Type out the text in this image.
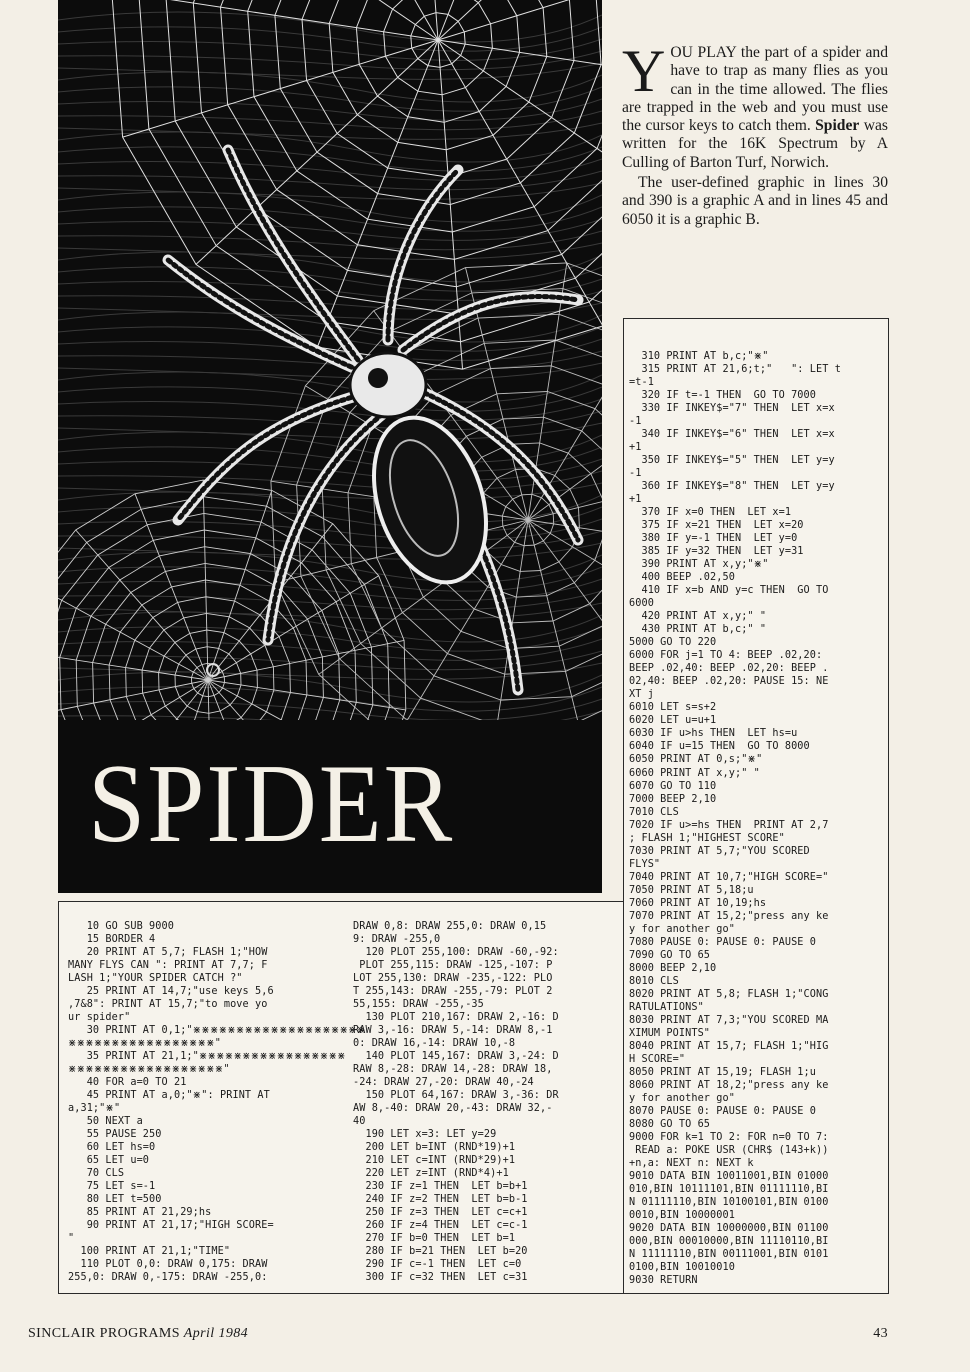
SPIDER

YOU PLAY the part of a spider and have to trap as many flies as you can in the time allowed. The flies are trapped in the web and you must use the cursor keys to catch them. Spider was written for the 16K Spectrum by A Culling of Barton Turf, Norwich.

The user-defined graphic in lines 30 and 390 is a graphic A and in lines 45 and 6050 it is a graphic B.

10 GO SUB 9000
15 BORDER 4
20 PRINT AT 5,7; FLASH 1;"HOW
MANY FLYS CAN ": PRINT AT 7,7; F
LASH 1;"YOUR SPIDER CATCH ?"
25 PRINT AT 14,7;"use keys 5,6
,7&8": PRINT AT 15,7;"to move yo
ur spider"
30 PRINT AT 0,1;"⋇⋇⋇⋇⋇⋇⋇⋇⋇⋇⋇⋇⋇⋇⋇⋇⋇⋇⋇⋇
⋇⋇⋇⋇⋇⋇⋇⋇⋇⋇⋇⋇⋇⋇⋇⋇⋇"
35 PRINT AT 21,1;"⋇⋇⋇⋇⋇⋇⋇⋇⋇⋇⋇⋇⋇⋇⋇⋇⋇
⋇⋇⋇⋇⋇⋇⋇⋇⋇⋇⋇⋇⋇⋇⋇⋇⋇⋇"
40 FOR a=0 TO 21
45 PRINT AT a,0;"⋇": PRINT AT
a,31;"⋇"
50 NEXT a
55 PAUSE 250
60 LET hs=0
65 LET u=0
70 CLS
75 LET s=-1
80 LET t=500
85 PRINT AT 21,29;hs
90 PRINT AT 21,17;"HIGH SCORE=
"
100 PRINT AT 21,1;"TIME"
110 PLOT 0,0: DRAW 0,175: DRAW
255,0: DRAW 0,-175: DRAW -255,0:
DRAW 0,8: DRAW 255,0: DRAW 0,15
9: DRAW -255,0
120 PLOT 255,100: DRAW -60,-92:
PLOT 255,115: DRAW -125,-107: P
LOT 255,130: DRAW -235,-122: PLO
T 255,143: DRAW -255,-79: PLOT 2
55,155: DRAW -255,-35
130 PLOT 210,167: DRAW 2,-16: D
RAW 3,-16: DRAW 5,-14: DRAW 8,-1
0: DRAW 16,-14: DRAW 10,-8
140 PLOT 145,167: DRAW 3,-24: D
RAW 8,-28: DRAW 14,-28: DRAW 18,
-24: DRAW 27,-20: DRAW 40,-24
150 PLOT 64,167: DRAW 3,-36: DR
AW 8,-40: DRAW 20,-43: DRAW 32,-
40
190 LET x=3: LET y=29
200 LET b=INT (RND*19)+1
210 LET c=INT (RND*29)+1
220 LET z=INT (RND*4)+1
230 IF z=1 THEN  LET b=b+1
240 IF z=2 THEN  LET b=b-1
250 IF z=3 THEN  LET c=c+1
260 IF z=4 THEN  LET c=c-1
270 IF b=0 THEN  LET b=1
280 IF b=21 THEN  LET b=20
290 IF c=-1 THEN  LET c=0
300 IF c=32 THEN  LET c=31
310 PRINT AT b,c;"⋇"
315 PRINT AT 21,6;t;"   ": LET t
=t-1
320 IF t=-1 THEN  GO TO 7000
330 IF INKEY$="7" THEN  LET x=x
-1
340 IF INKEY$="6" THEN  LET x=x
+1
350 IF INKEY$="5" THEN  LET y=y
-1
360 IF INKEY$="8" THEN  LET y=y
+1
370 IF x=0 THEN  LET x=1
375 IF x=21 THEN  LET x=20
380 IF y=-1 THEN  LET y=0
385 IF y=32 THEN  LET y=31
390 PRINT AT x,y;"⋇"
400 BEEP .02,50
410 IF x=b AND y=c THEN  GO TO
6000
420 PRINT AT x,y;" "
430 PRINT AT b,c;" "
5000 GO TO 220
6000 FOR j=1 TO 4: BEEP .02,20:
BEEP .02,40: BEEP .02,20: BEEP .
02,40: BEEP .02,20: PAUSE 15: NE
XT j
6010 LET s=s+2
6020 LET u=u+1
6030 IF u>hs THEN  LET hs=u
6040 IF u=15 THEN  GO TO 8000
6050 PRINT AT 0,s;"⋇"
6060 PRINT AT x,y;" "
6070 GO TO 110
7000 BEEP 2,10
7010 CLS
7020 IF u>=hs THEN  PRINT AT 2,7
; FLASH 1;"HIGHEST SCORE"
7030 PRINT AT 5,7;"YOU SCORED
FLYS"
7040 PRINT AT 10,7;"HIGH SCORE="
7050 PRINT AT 5,18;u
7060 PRINT AT 10,19;hs
7070 PRINT AT 15,2;"press any ke
y for another go"
7080 PAUSE 0: PAUSE 0: PAUSE 0
7090 GO TO 65
8000 BEEP 2,10
8010 CLS
8020 PRINT AT 5,8; FLASH 1;"CONG
RATULATIONS"
8030 PRINT AT 7,3;"YOU SCORED MA
XIMUM POINTS"
8040 PRINT AT 15,7; FLASH 1;"HIG
H SCORE="
8050 PRINT AT 15,19; FLASH 1;u
8060 PRINT AT 18,2;"press any ke
y for another go"
8070 PAUSE 0: PAUSE 0: PAUSE 0
8080 GO TO 65
9000 FOR k=1 TO 2: FOR n=0 TO 7:
READ a: POKE USR (CHR$ (143+k))
+n,a: NEXT n: NEXT k
9010 DATA BIN 10011001,BIN 01000
010,BIN 10111101,BIN 01111110,BI
N 01111110,BIN 10100101,BIN 0100
0010,BIN 10000001
9020 DATA BIN 10000000,BIN 01100
000,BIN 00010000,BIN 11110110,BI
N 11111110,BIN 00111001,BIN 0101
0100,BIN 10010010
9030 RETURN
SINCLAIR PROGRAMS April 1984	43
